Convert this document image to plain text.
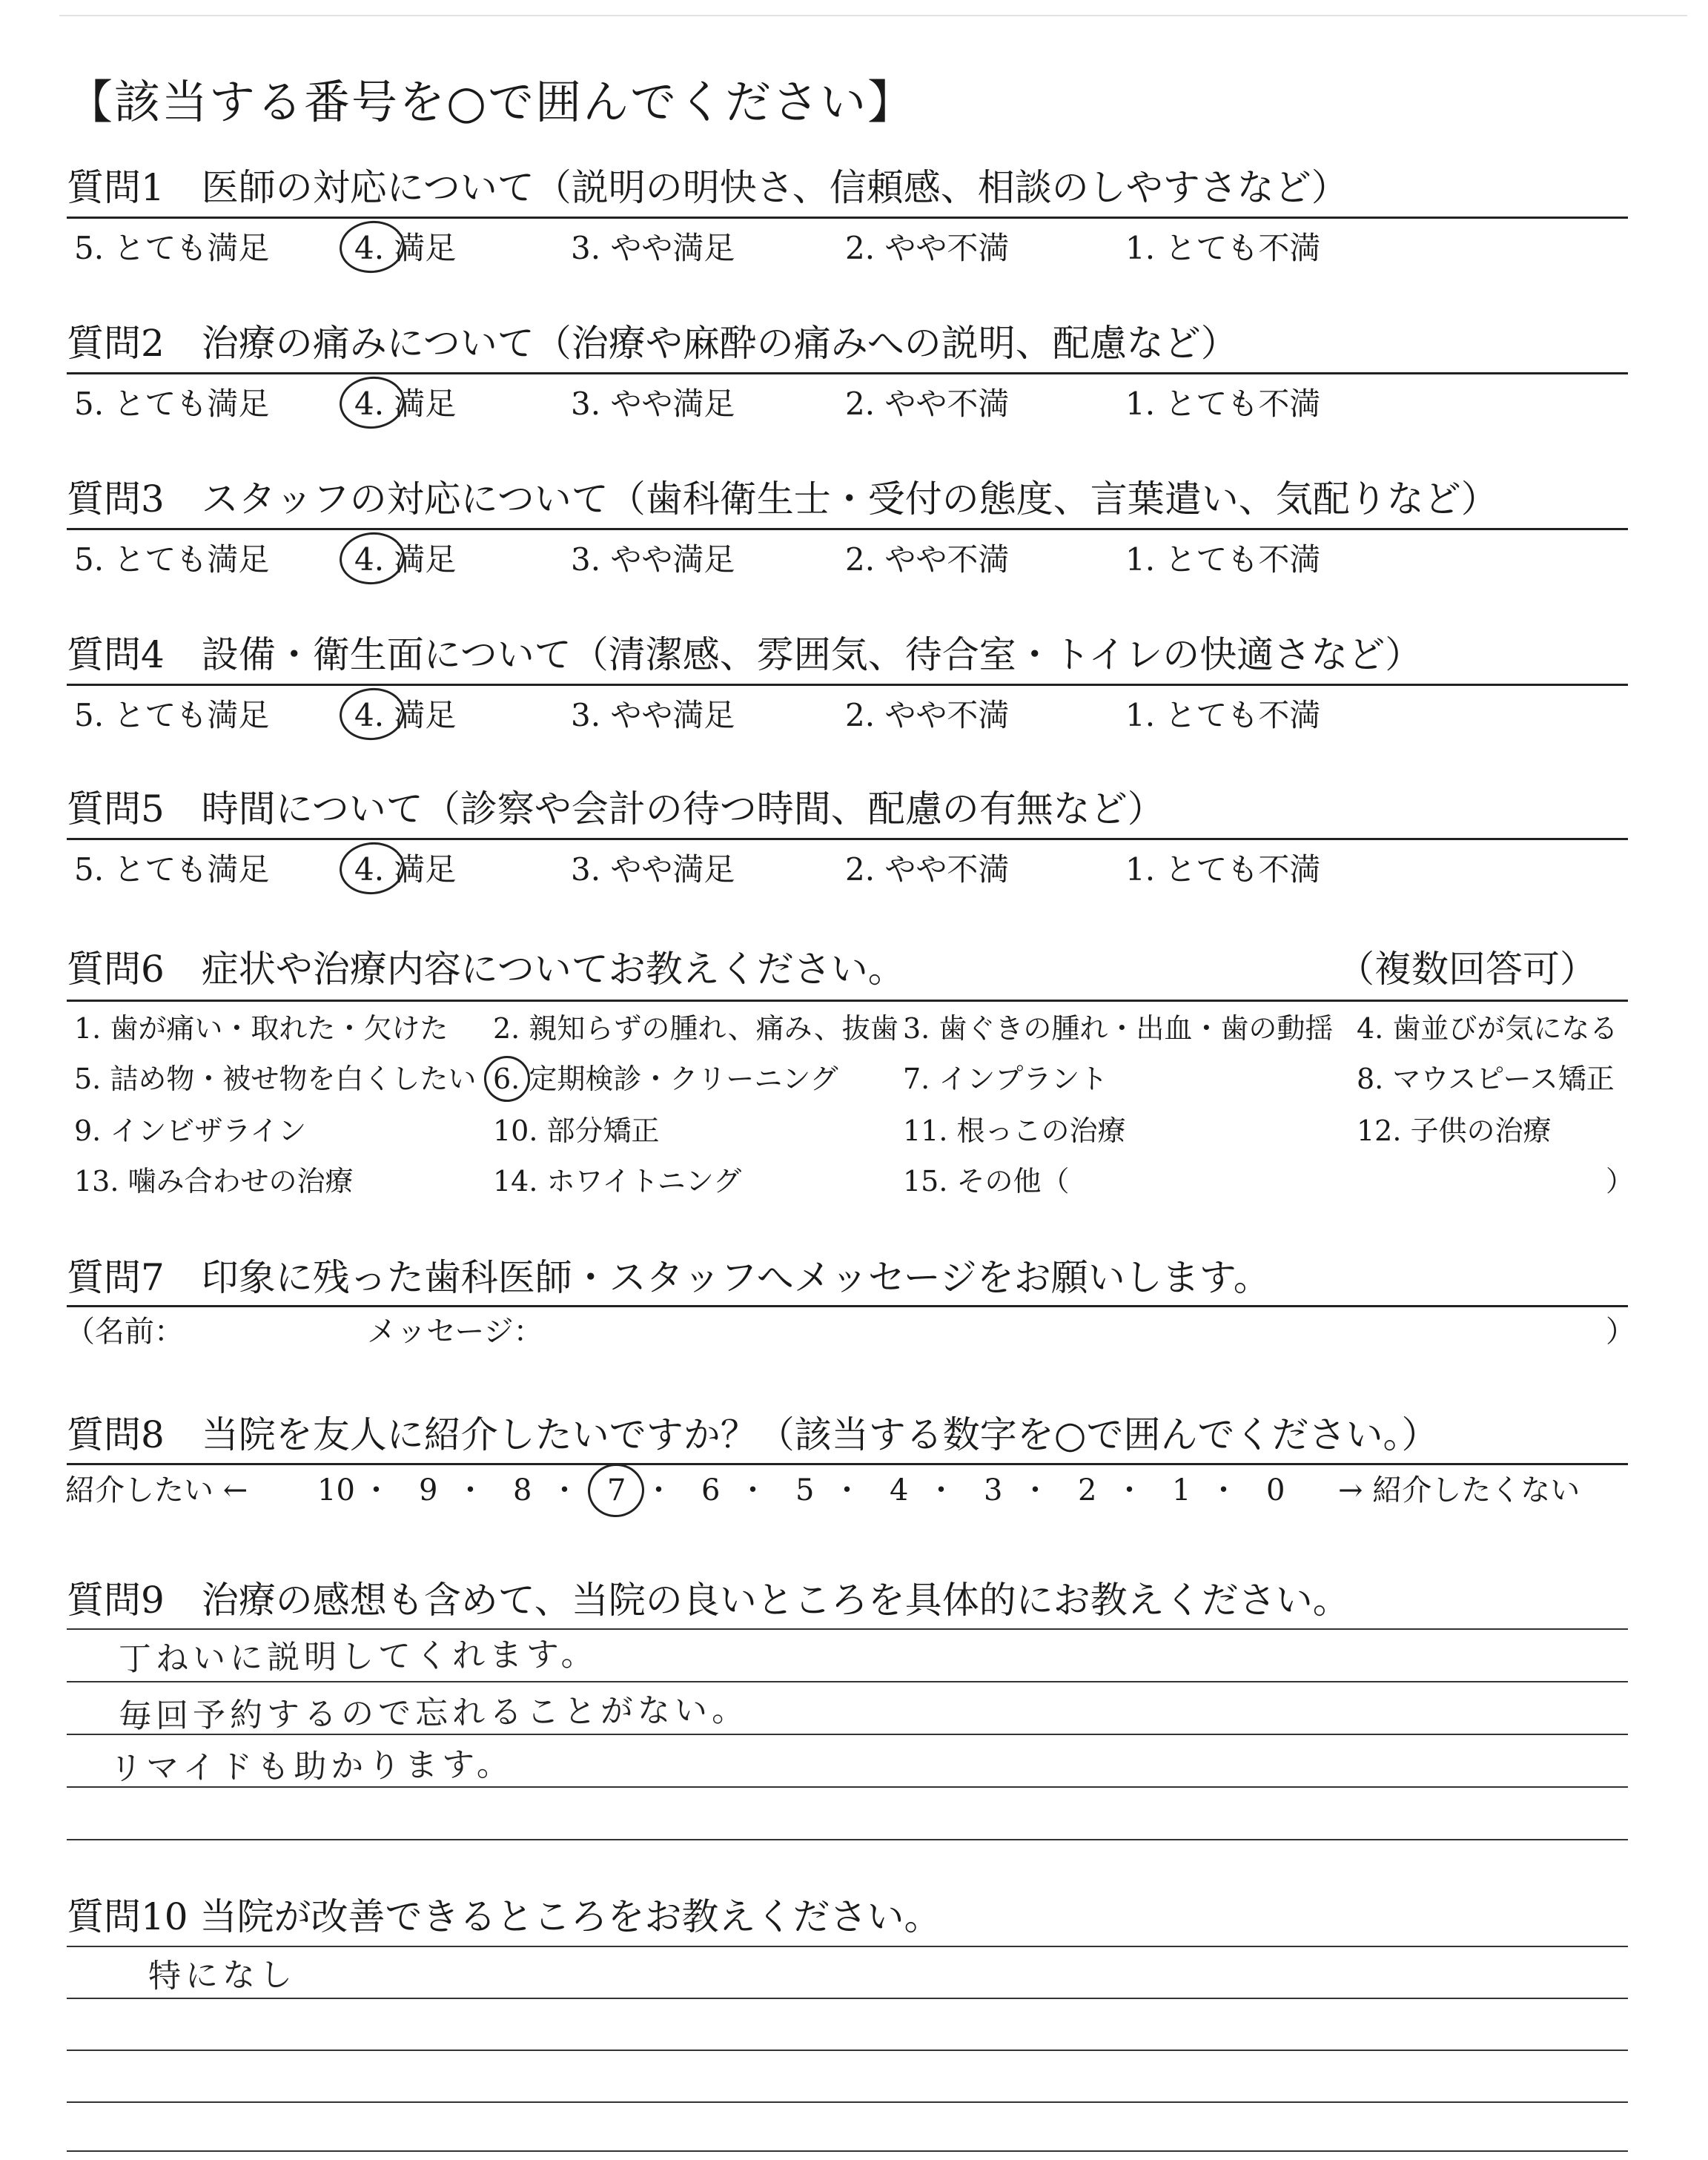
【該当する番号を○で囲んでください】
質問1　医師の対応について（説明の明快さ、信頼感、相談のしやすさなど）
5. とても満足	4. 満足	3. やや満足	2. やや不満	1. とても不満
質問2　治療の痛みについて（治療や麻酔の痛みへの説明、配慮など）
5. とても満足	4. 満足	3. やや満足	2. やや不満	1. とても不満
質問3　スタッフの対応について（歯科衛生士・受付の態度、言葉遣い、気配りなど）
5. とても満足	4. 満足	3. やや満足	2. やや不満	1. とても不満
質問4　設備・衛生面について（清潔感、雰囲気、待合室・トイレの快適さなど）
5. とても満足	4. 満足	3. やや満足	2. やや不満	1. とても不満
質問5　時間について（診察や会計の待つ時間、配慮の有無など）
5. とても満足	4. 満足	3. やや満足	2. やや不満	1. とても不満
質問6　症状や治療内容についてお教えください。	（複数回答可）
1. 歯が痛い・取れた・欠けた 2. 親知らずの腫れ、痛み、抜歯 3. 歯ぐきの腫れ・出血・歯の動揺 4. 歯並びが気になる
5. 詰め物・被せ物を白くしたい 6. 定期検診・クリーニング 7. インプラント	8. マウスピース矯正
9. インビザライン	10. 部分矯正	11. 根っこの治療	12. 子供の治療
13. 噛み合わせの治療	14. ホワイトニング	15. その他（	）
質問7　印象に残った歯科医師・スタッフへメッセージをお願いします。
（名前：	メッセージ：	）
質問8　当院を友人に紹介したいですか？（該当する数字を○で囲んでください。）
紹介したい ← 10 ・ 9 ・ 8 ・ 7 ・ 6 ・ 5 ・ 4 ・ 3 ・ 2 ・ 1 ・ 0 → 紹介したくない
質問9　治療の感想も含めて、当院の良いところを具体的にお教えください。
丁ねいに説明してくれます。
毎回予約するので忘れることがない。
リマイドも助かります。
質問10 当院が改善できるところをお教えください。
特になし
